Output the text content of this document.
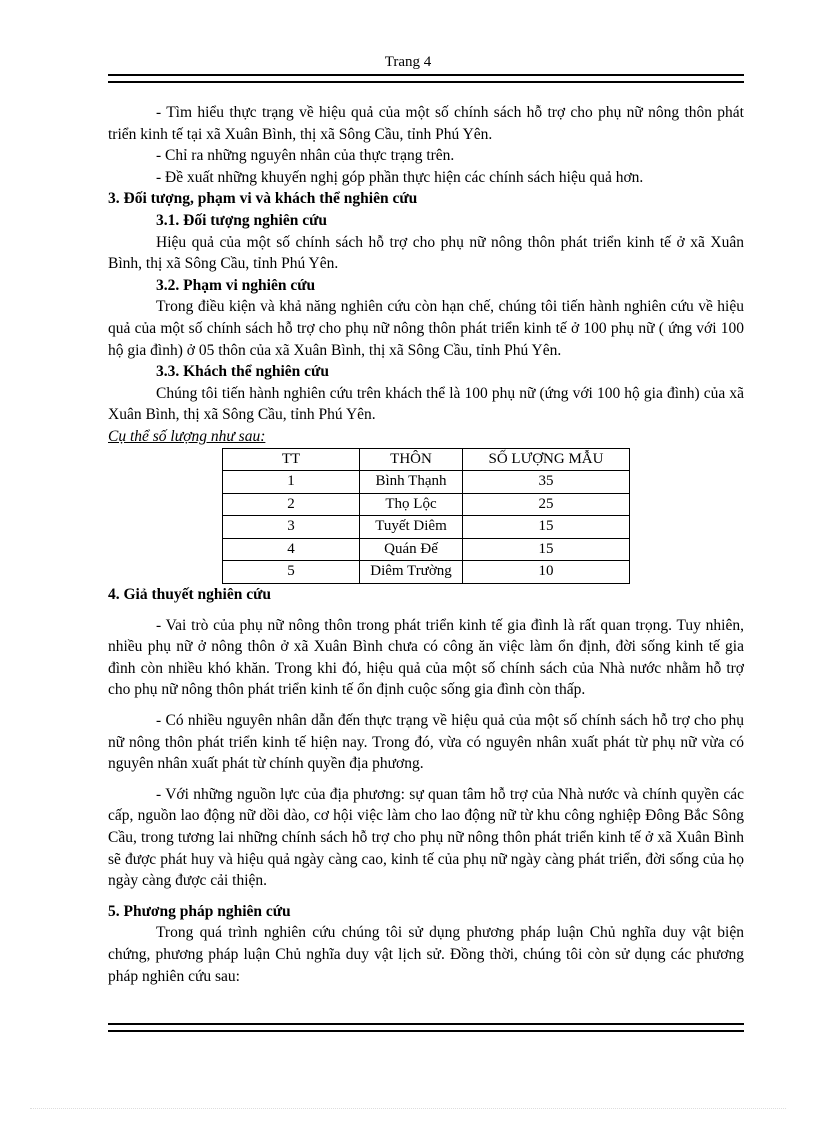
Trang 4

- Tìm hiểu thực trạng về hiệu quả của một số chính sách hỗ trợ cho phụ nữ nông thôn phát triển kinh tế tại xã Xuân Bình, thị xã Sông Cầu, tỉnh Phú Yên.

- Chỉ ra những nguyên nhân của thực trạng trên.

- Đề xuất những khuyến nghị góp phần thực hiện các chính sách hiệu quả hơn.

3. Đối tượng, phạm vi và khách thể nghiên cứu

3.1. Đối tượng nghiên cứu

Hiệu quả của một số chính sách hỗ trợ cho phụ nữ nông thôn phát triển kinh tế ở xã Xuân Bình, thị xã Sông Cầu, tỉnh Phú Yên.

3.2. Phạm vi nghiên cứu

Trong điều kiện và khả năng nghiên cứu còn hạn chế, chúng tôi tiến hành nghiên cứu về hiệu quả của một số chính sách hỗ trợ cho phụ nữ nông thôn phát triển kinh tế ở 100 phụ nữ ( ứng với 100 hộ gia đình) ở 05 thôn của xã Xuân Bình, thị xã Sông Cầu, tỉnh Phú Yên.

3.3. Khách thể nghiên cứu

Chúng tôi tiến hành nghiên cứu trên khách thể là 100 phụ nữ (ứng với 100 hộ gia đình) của xã Xuân Bình, thị xã Sông Cầu, tỉnh Phú Yên.

Cụ thể số lượng như sau:

TT	THÔN	SỐ LƯỢNG MẪU
1	Bình Thạnh	35
2	Thọ Lộc	25
3	Tuyết Diêm	15
4	Quán Đế	15
5	Diêm Trường	10

4. Giả thuyết nghiên cứu

- Vai trò của phụ nữ nông thôn trong phát triển kinh tế gia đình là rất quan trọng. Tuy nhiên, nhiều phụ nữ ở nông thôn ở xã Xuân Bình chưa có công ăn việc làm ổn định, đời sống kinh tế gia đình còn nhiều khó khăn. Trong khi đó, hiệu quả của một số chính sách của Nhà nước nhằm hỗ trợ cho phụ nữ nông thôn phát triển kinh tế ổn định cuộc sống gia đình còn thấp.

- Có nhiều nguyên nhân dẫn đến thực trạng về hiệu quả của một số chính sách hỗ trợ cho phụ nữ nông thôn phát triển kinh tế hiện nay. Trong đó, vừa có nguyên nhân xuất phát từ phụ nữ vừa có nguyên nhân xuất phát từ chính quyền địa phương.

- Với những nguồn lực của địa phương: sự quan tâm hỗ trợ của Nhà nước và chính quyền các cấp, nguồn lao động nữ dồi dào, cơ hội việc làm cho lao động nữ từ khu công nghiệp Đông Bắc Sông Cầu, trong tương lai những chính sách hỗ trợ cho phụ nữ nông thôn phát triển kinh tế ở xã Xuân Bình sẽ được phát huy và hiệu quả ngày càng cao, kinh tế của phụ nữ ngày càng phát triển, đời sống của họ ngày càng được cải thiện.

5. Phương pháp nghiên cứu

Trong quá trình nghiên cứu chúng tôi sử dụng phương pháp luận Chủ nghĩa duy vật biện chứng, phương pháp luận Chủ nghĩa duy vật lịch sử. Đồng thời, chúng tôi còn sử dụng các phương pháp nghiên cứu sau:
